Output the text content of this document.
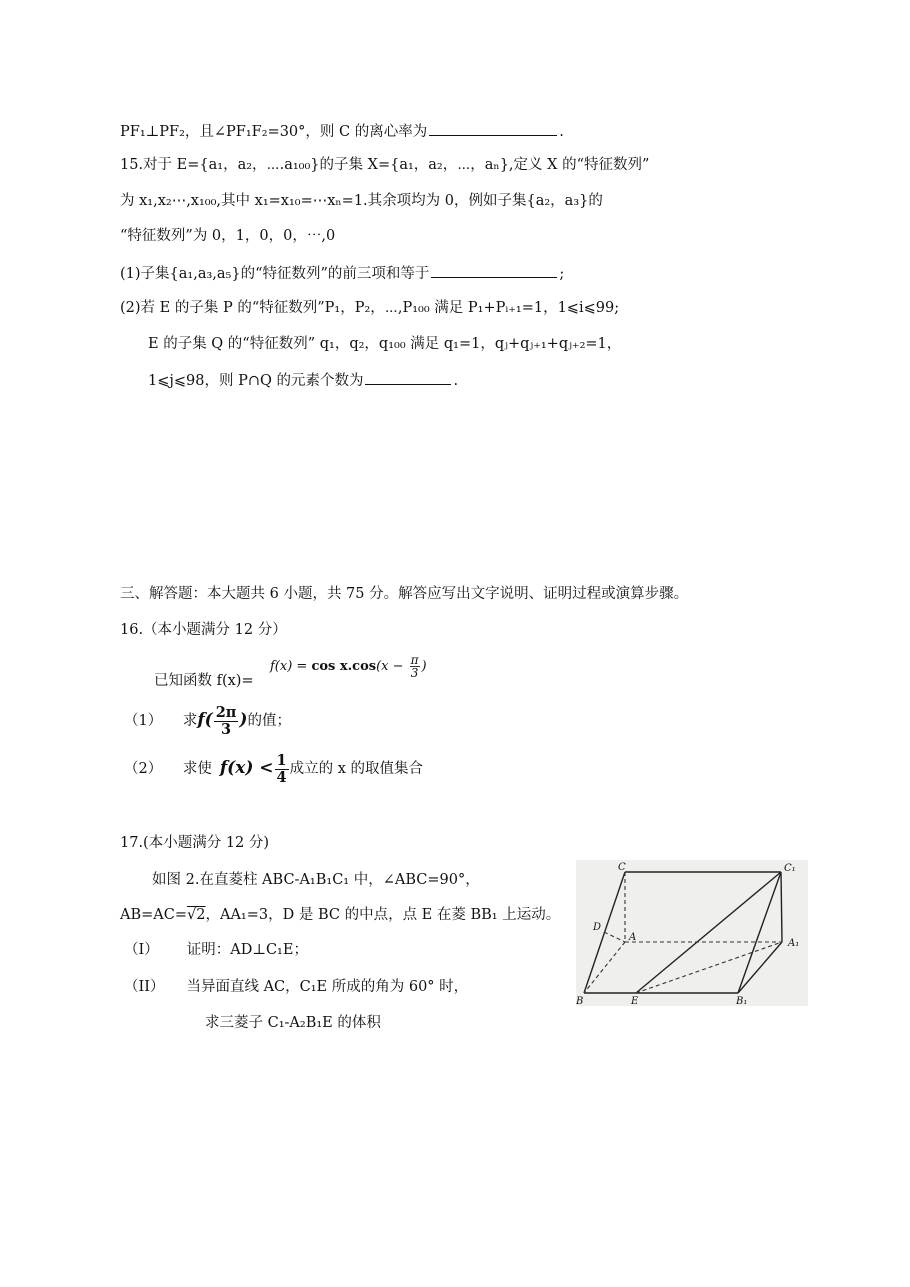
PF₁⊥PF₂，且∠PF₁F₂=30°，则 C 的离心率为	.
15.对于 E={a₁，a₂，⋯.a₁₀₀}的子集 X={a₁，a₂，⋯，aₙ},定义 X 的“特征数列”
为 x₁,x₂⋯,x₁₀₀,其中 x₁=x₁₀=⋯xₙ=1.其余项均为 0，例如子集{a₂，a₃}的
“特征数列”为 0，1，0，0，⋯,0
(1)子集{a₁,a₃,a₅}的“特征数列”的前三项和等于	;
(2)若 E 的子集 P 的“特征数列”P₁，P₂，⋯,P₁₀₀ 满足 P₁+Pᵢ₊₁=1，1⩽i⩽99;
E 的子集 Q 的“特征数列” q₁，q₂，q₁₀₀ 满足 q₁=1，qⱼ+qⱼ₊₁+qⱼ₊₂=1，
1⩽j⩽98，则 P∩Q 的元素个数为	.
三、解答题：本大题共 6 小题，共 75 分。解答应写出文字说明、证明过程或演算步骤。
16.（本小题满分 12 分）
已知函数 f(x)=
$f(x) = \cos x.\cos(x - \frac{\pi}{3}$ )
（1） 求$f( \frac{2\pi}{3}$ )的值；
（2） 求使 $f(x) < \frac{1}{4}$ 成立的 x 的取值集合
17.(本小题满分 12 分)
如图 2.在直菱柱 ABC-A₁B₁C₁ 中，∠ABC=90°，
AB=AC=√2，AA₁=3，D 是 BC 的中点，点 E 在菱 BB₁ 上运动。
（I） 证明：AD⊥C₁E；
（II） 当异面直线 AC，C₁E 所成的角为 60° 时，
求三菱子 C₁-A₂B₁E 的体积
C	C₁
D
A
A₁
B	E	B₁
